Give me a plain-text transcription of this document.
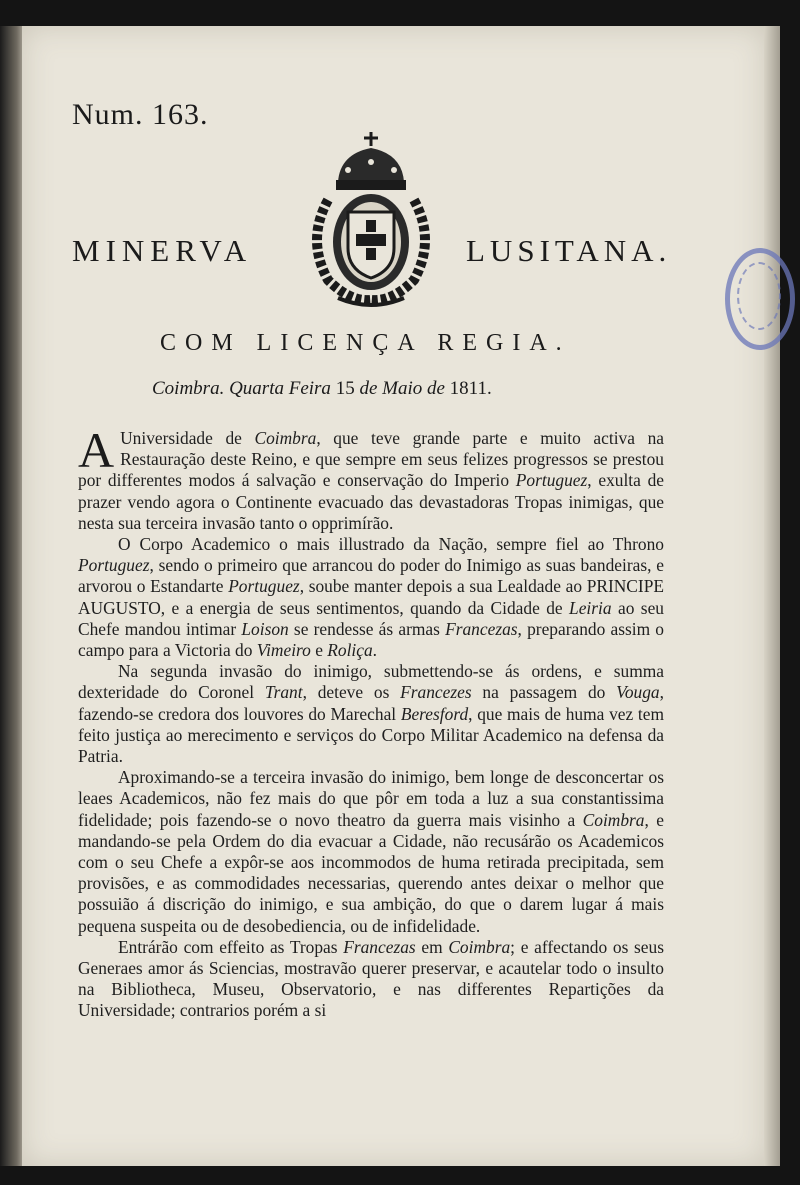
Num. 163.
MINERVA	LUSITANA.
COM LICENÇA REGIA.
Coimbra. Quarta Feira 15 de Maio de 1811.

A Universidade de Coimbra, que teve grande parte e muito activa na Restauração deste Reino, e que sempre em seus felizes progressos se prestou por differentes modos á salvação e conservação do Imperio Portuguez, exulta de prazer vendo agora o Continente evacuado das devastadoras Tropas inimigas, que nesta sua terceira invasão tanto o opprimírão.

O Corpo Academico o mais illustrado da Nação, sempre fiel ao Throno Portuguez, sendo o primeiro que arrancou do poder do Inimigo as suas bandeiras, e arvorou o Estandarte Portuguez, soube manter depois a sua Lealdade ao PRINCIPE AUGUSTO, e a energia de seus sentimentos, quando da Cidade de Leiria ao seu Chefe mandou intimar Loison se rendesse ás armas Francezas, preparando assim o campo para a Victoria do Vimeiro e Roliça.

Na segunda invasão do inimigo, submettendo-se ás ordens, e summa dexteridade do Coronel Trant, deteve os Francezes na passagem do Vouga, fazendo-se credora dos louvores do Marechal Beresford, que mais de huma vez tem feito justiça ao merecimento e serviços do Corpo Militar Academico na defensa da Patria.

Aproximando-se a terceira invasão do inimigo, bem longe de desconcertar os leaes Academicos, não fez mais do que pôr em toda a luz a sua constantissima fidelidade; pois fazendo-se o novo theatro da guerra mais visinho a Coimbra, e mandando-se pela Ordem do dia evacuar a Cidade, não recusárão os Academicos com o seu Chefe a expôr-se aos incommodos de huma retirada precipitada, sem provisões, e as commodidades necessarias, querendo antes deixar o melhor que possuião á discrição do inimigo, e sua ambição, do que o darem lugar á mais pequena suspeita ou de desobediencia, ou de infidelidade.

Entrárão com effeito as Tropas Francezas em Coimbra; e affectando os seus Generaes amor ás Sciencias, mostravão querer preservar, e acautelar todo o insulto na Bibliotheca, Museu, Observatorio, e nas differentes Repartições da Universidade; contrarios porém a si
